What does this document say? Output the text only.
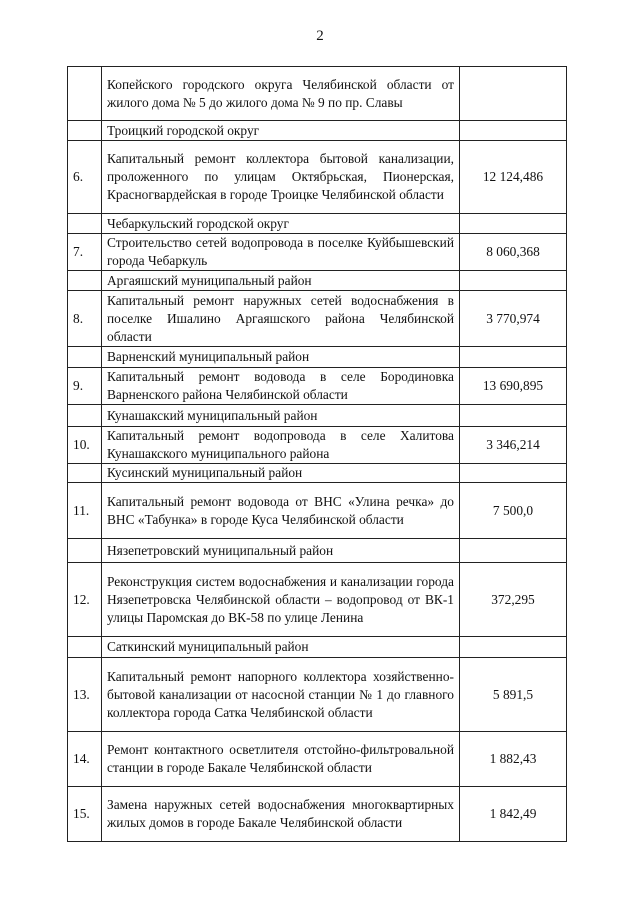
2
	Копейского городского округа Челябинской области от жилого дома № 5 до жилого дома № 9 по пр. Славы	
	Троицкий городской округ	
6.	Капитальный ремонт коллектора бытовой канализации, проложенного по улицам Октябрьская, Пионерская, Красногвардейская в городе Троицке Челябинской области	12 124,486
	Чебаркульский городской округ	
7.	Строительство сетей водопровода в поселке Куйбышевский города Чебаркуль	8 060,368
	Аргаяшский муниципальный район	
8.	Капитальный ремонт наружных сетей водоснабжения в поселке Ишалино Аргаяшского района Челябинской области	3 770,974
	Варненский муниципальный район	
9.	Капитальный ремонт водовода в селе Бородиновка Варненского района Челябинской области	13 690,895
	Кунашакский муниципальный район	
10.	Капитальный ремонт водопровода в селе Халитова Кунашакского муниципального района	3 346,214
	Кусинский муниципальный район	
11.	Капитальный ремонт водовода от ВНС «Улина речка» до ВНС «Табунка» в городе Куса Челябинской области	7 500,0
	Нязепетровский муниципальный район	
12.	Реконструкция систем водоснабжения и канализации города Нязепетровска Челябинской области – водопровод от ВК-1 улицы Паромская до ВК-58 по улице Ленина	372,295
	Саткинский муниципальный район	
13.	Капитальный ремонт напорного коллектора хозяйственно-бытовой канализации от насосной станции № 1 до главного коллектора города Сатка Челябинской области	5 891,5
14.	Ремонт контактного осветлителя отстойно-фильтровальной станции в городе Бакале Челябинской области	1 882,43
15.	Замена наружных сетей водоснабжения многоквартирных жилых домов в городе Бакале Челябинской области	1 842,49
